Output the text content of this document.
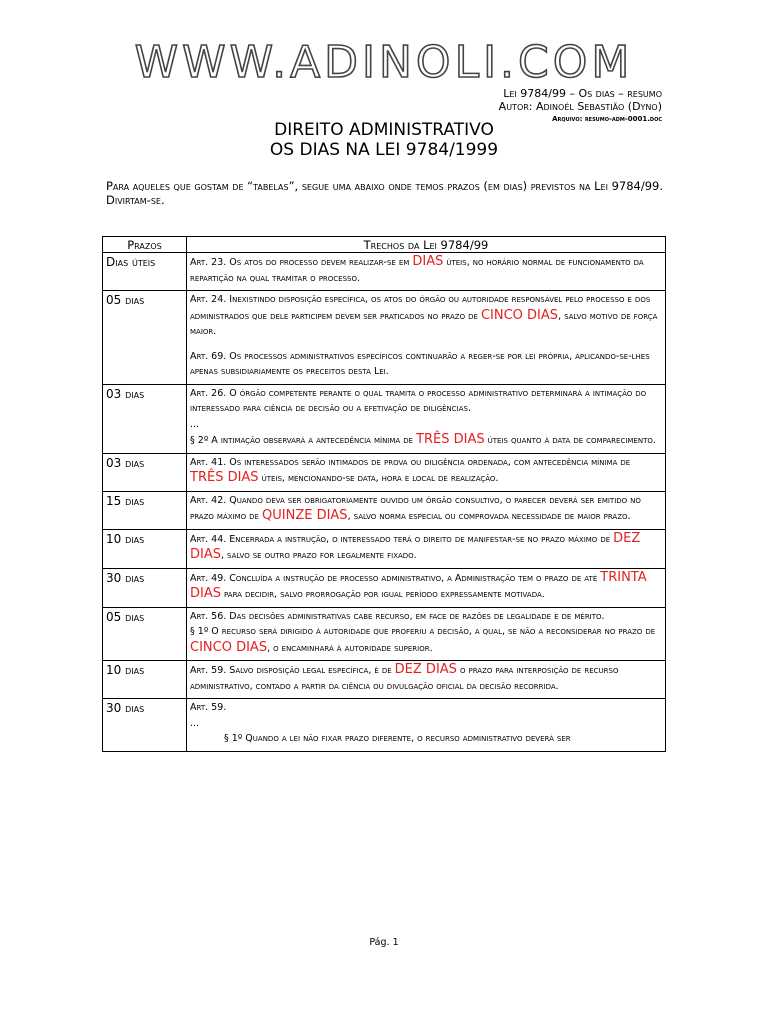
WWW.ADINOLI.COM
Lei 9784/99 – Os dias – resumo
Autor: Adinoél Sebastião (Dyno)
Arquivo: resumo-adm-0001.doc
DIREITO ADMINISTRATIVO
OS DIAS NA LEI 9784/1999
Para aqueles que gostam de “tabelas”, segue uma abaixo onde temos prazos (em dias) previstos na Lei 9784/99.
Divirtam-se.
Prazos	Trechos da Lei 9784/99
Dias úteis	Art. 23. Os atos do processo devem realizar-se em DIAS úteis, no horário normal de funcionamento da repartição na qual tramitar o processo.

05 dias	Art. 24. Inexistindo disposição específica, os atos do órgão ou autoridade responsável pelo processo e dos administrados que dele participem devem ser praticados no prazo de CINCO DIAS, salvo motivo de força maior.

Art. 69. Os processos administrativos específicos continuarão a reger-se por lei própria, aplicando-se-lhes apenas subsidiariamente os preceitos desta Lei.

03 dias	Art. 26. O órgão competente perante o qual tramita o processo administrativo determinará a intimação do interessado para ciência de decisão ou a efetivação de diligências.

...

§ 2º A intimação observará a antecedência mínima de TRÊS DIAS úteis quanto à data de comparecimento.

03 dias	Art. 41. Os interessados serão intimados de prova ou diligência ordenada, com antecedência mínima de TRÊS DIAS úteis, mencionando-se data, hora e local de realização.

15 dias	Art. 42. Quando deva ser obrigatoriamente ouvido um órgão consultivo, o parecer deverá ser emitido no prazo máximo de QUINZE DIAS, salvo norma especial ou comprovada necessidade de maior prazo.

10 dias	Art. 44. Encerrada a instrução, o interessado terá o direito de manifestar-se no prazo máximo de DEZ DIAS, salvo se outro prazo for legalmente fixado.

30 dias	Art. 49. Concluída a instrução de processo administrativo, a Administração tem o prazo de até TRINTA DIAS para decidir, salvo prorrogação por igual período expressamente motivada.

05 dias	Art. 56. Das decisões administrativas cabe recurso, em face de razões de legalidade e de mérito.

§ 1º O recurso será dirigido à autoridade que proferiu a decisão, a qual, se não a reconsiderar no prazo de CINCO DIAS, o encaminhará à autoridade superior.

10 dias	Art. 59. Salvo disposição legal específica, é de DEZ DIAS o prazo para interposição de recurso administrativo, contado a partir da ciência ou divulgação oficial da decisão recorrida.

30 dias	Art. 59.

...

§ 1º Quando a lei não fixar prazo diferente, o recurso administrativo deverá ser

Pág. 1
